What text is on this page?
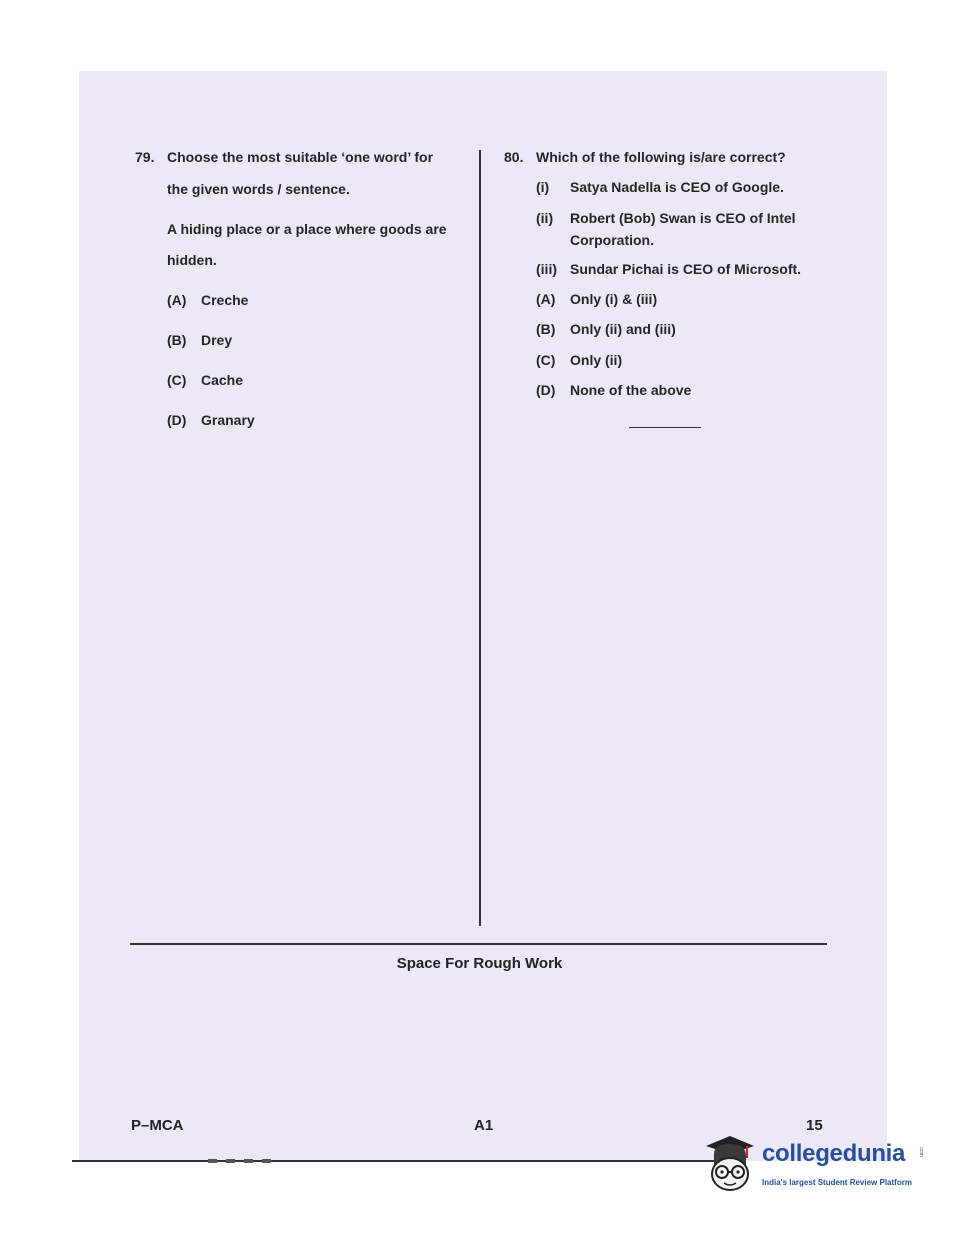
79. Choose the most suitable ‘one word’ for
the given words / sentence.
A hiding place or a place where goods are
hidden.
(A) Creche
(B) Drey
(C) Cache
(D) Granary
80. Which of the following is/are correct?
(i) Satya Nadella is CEO of Google.
(ii) Robert (Bob) Swan is CEO of Intel
Corporation.
(iii) Sundar Pichai is CEO of Microsoft.
(A) Only (i) & (iii)
(B) Only (ii) and (iii)
(C) Only (ii)
(D) None of the above
Space For Rough Work
P–MCA	A1	15
collegedunia	.com
India's largest Student Review Platform
